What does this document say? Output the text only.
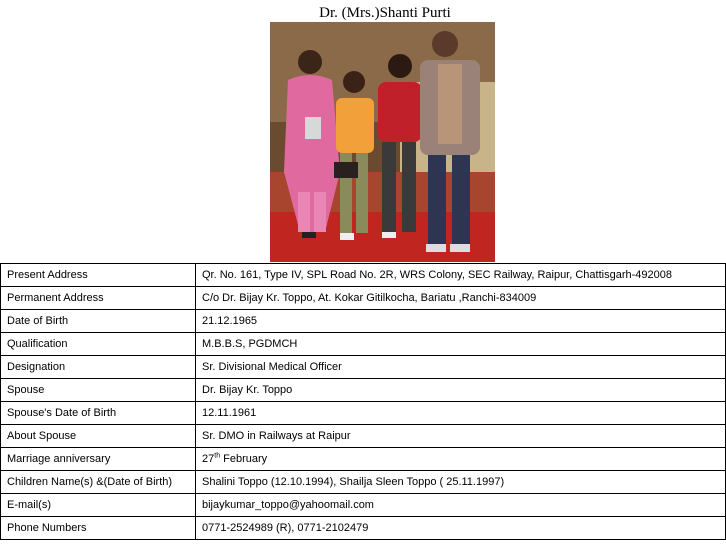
Dr. (Mrs.)Shanti Purti
Present Address	Qr. No. 161, Type IV, SPL Road No. 2R, WRS Colony, SEC Railway, Raipur, Chattisgarh-492008
Permanent Address	C/o Dr. Bijay Kr. Toppo, At. Kokar Gitilkocha, Bariatu ,Ranchi-834009
Date of Birth	21.12.1965
Qualification	M.B.B.S, PGDMCH
Designation	Sr. Divisional Medical Officer
Spouse	Dr. Bijay Kr. Toppo
Spouse's Date of Birth	12.11.1961
About Spouse	Sr. DMO in Railways at Raipur
Marriage anniversary	27th February
Children Name(s) &(Date of Birth)	Shalini Toppo (12.10.1994), Shailja Sleen Toppo ( 25.11.1997)
E-mail(s)	bijaykumar_toppo@yahoomail.com
Phone Numbers	0771-2524989 (R), 0771-2102479
